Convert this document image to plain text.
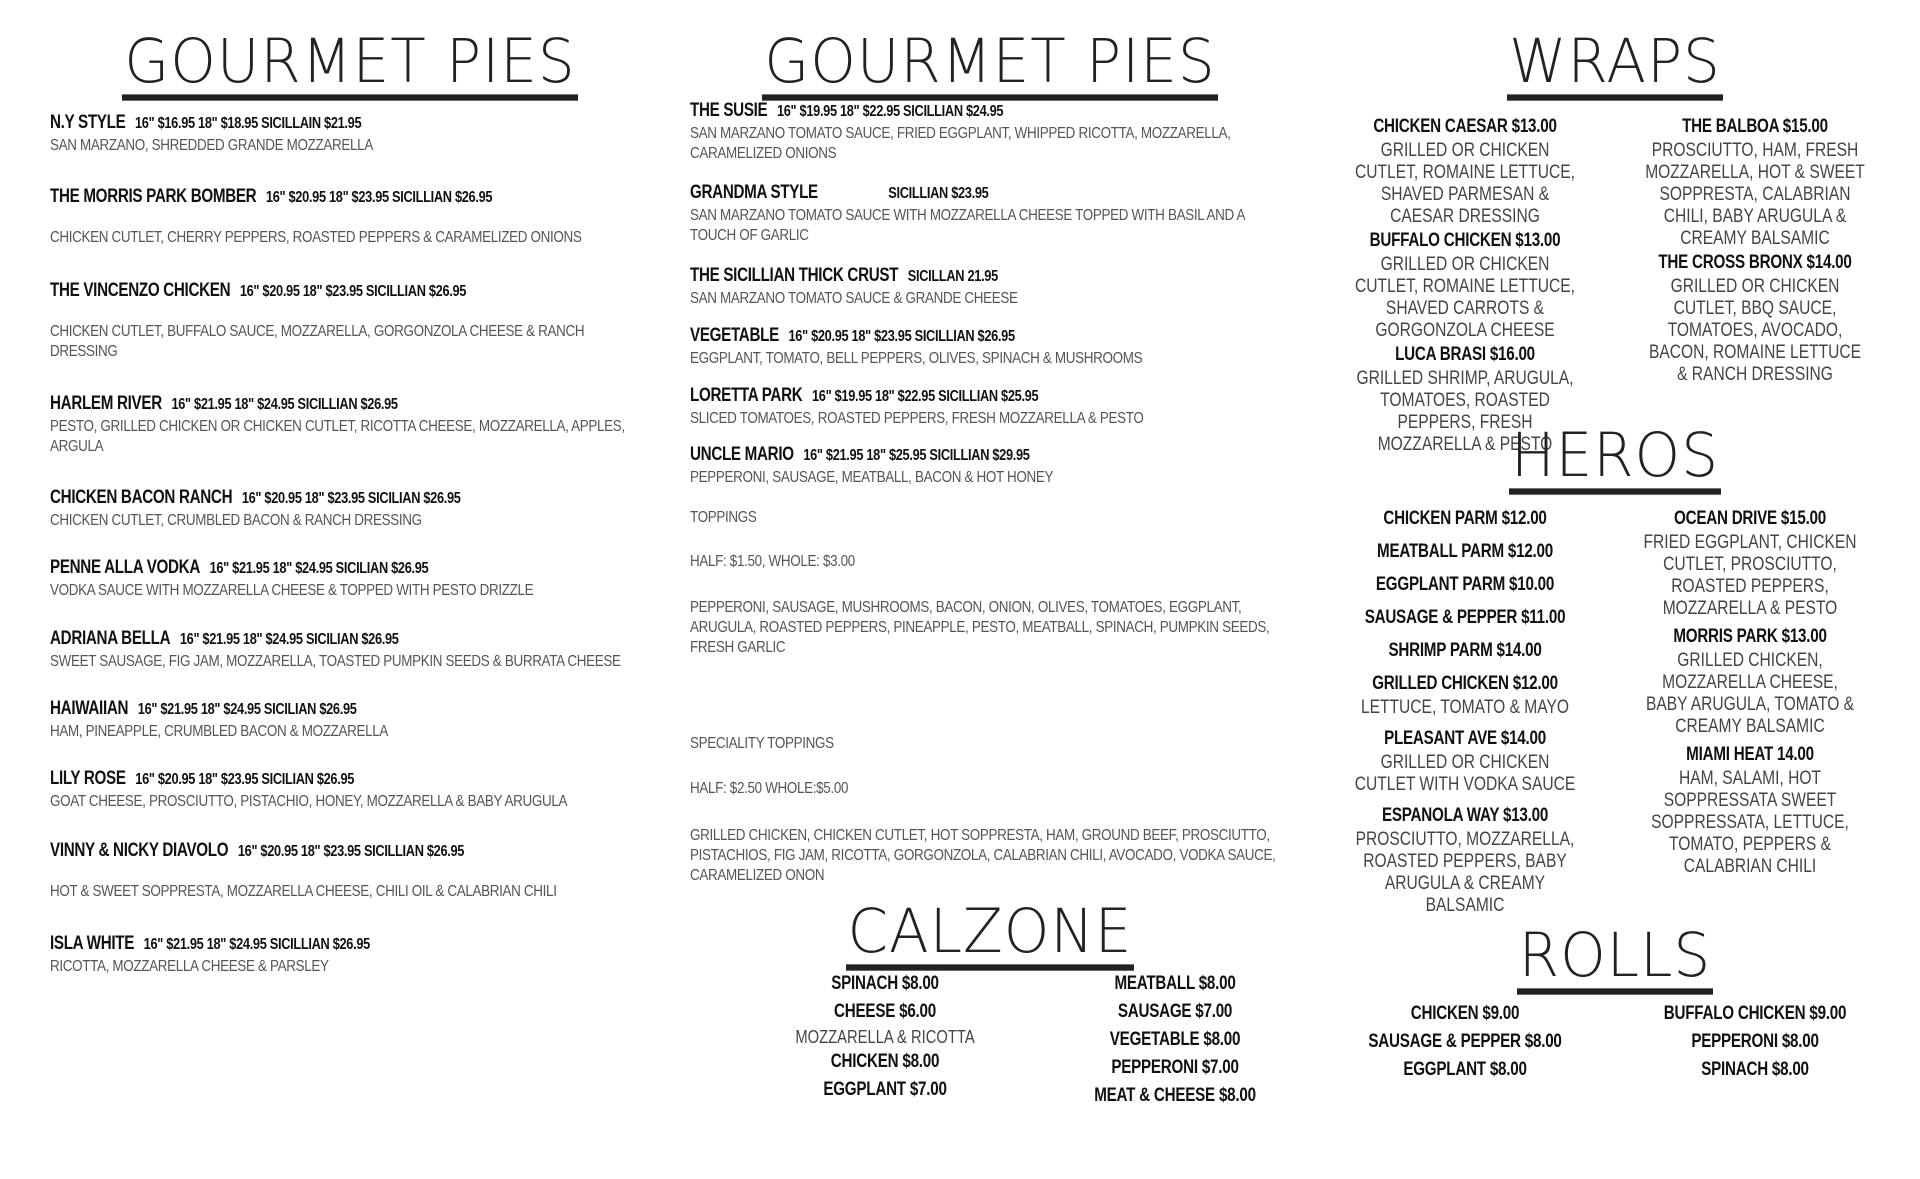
GOURMET PIES
N.Y STYLE 16" $16.95 18" $18.95 SICILLAIN $21.95
SAN MARZANO, SHREDDED GRANDE MOZZARELLA
THE MORRIS PARK BOMBER 16" $20.95 18" $23.95 SICILLIAN $26.95
CHICKEN CUTLET, CHERRY PEPPERS, ROASTED PEPPERS & CARAMELIZED ONIONS
THE VINCENZO CHICKEN 16" $20.95 18" $23.95 SICILLIAN $26.95
CHICKEN CUTLET, BUFFALO SAUCE, MOZZARELLA, GORGONZOLA CHEESE & RANCH DRESSING
HARLEM RIVER 16" $21.95 18" $24.95 SICILLIAN $26.95
PESTO, GRILLED CHICKEN OR CHICKEN CUTLET, RICOTTA CHEESE, MOZZARELLA, APPLES, ARGULA
CHICKEN BACON RANCH 16" $20.95 18" $23.95 SICILIAN $26.95
CHICKEN CUTLET, CRUMBLED BACON & RANCH DRESSING
PENNE ALLA VODKA 16" $21.95 18" $24.95 SICILIAN $26.95
VODKA SAUCE WITH MOZZARELLA CHEESE & TOPPED WITH PESTO DRIZZLE
ADRIANA BELLA 16" $21.95 18" $24.95 SICILIAN $26.95
SWEET SAUSAGE, FIG JAM, MOZZARELLA, TOASTED PUMPKIN SEEDS & BURRATA CHEESE
HAIWAIIAN 16" $21.95 18" $24.95 SICILIAN $26.95
HAM, PINEAPPLE, CRUMBLED BACON & MOZZARELLA
LILY ROSE 16" $20.95 18" $23.95 SICILIAN $26.95
GOAT CHEESE, PROSCIUTTO, PISTACHIO, HONEY, MOZZARELLA & BABY ARUGULA
VINNY & NICKY DIAVOLO 16" $20.95 18" $23.95 SICILLIAN $26.95
HOT & SWEET SOPPRESTA, MOZZARELLA CHEESE, CHILI OIL & CALABRIAN CHILI
ISLA WHITE 16" $21.95 18" $24.95 SICILLIAN $26.95
RICOTTA, MOZZARELLA CHEESE & PARSLEY
GOURMET PIES
THE SUSIE 16" $19.95 18" $22.95 SICILLIAN $24.95
SAN MARZANO TOMATO SAUCE, FRIED EGGPLANT, WHIPPED RICOTTA, MOZZARELLA, CARAMELIZED ONIONS
GRANDMA STYLE	SICILLIAN $23.95
SAN MARZANO TOMATO SAUCE WITH MOZZARELLA CHEESE TOPPED WITH BASIL AND A TOUCH OF GARLIC
THE SICILLIAN THICK CRUST SICILLAN 21.95
SAN MARZANO TOMATO SAUCE & GRANDE CHEESE
VEGETABLE 16" $20.95 18" $23.95 SICILLIAN $26.95
EGGPLANT, TOMATO, BELL PEPPERS, OLIVES, SPINACH & MUSHROOMS
LORETTA PARK 16" $19.95 18" $22.95 SICILLIAN $25.95
SLICED TOMATOES, ROASTED PEPPERS, FRESH MOZZARELLA & PESTO
UNCLE MARIO 16" $21.95 18" $25.95 SICILLIAN $29.95
PEPPERONI, SAUSAGE, MEATBALL, BACON & HOT HONEY
TOPPINGS
HALF: $1.50, WHOLE: $3.00
PEPPERONI, SAUSAGE, MUSHROOMS, BACON, ONION, OLIVES, TOMATOES, EGGPLANT, ARUGULA, ROASTED PEPPERS, PINEAPPLE, PESTO, MEATBALL, SPINACH, PUMPKIN SEEDS, FRESH GARLIC
SPECIALITY TOPPINGS
HALF: $2.50 WHOLE:$5.00
GRILLED CHICKEN, CHICKEN CUTLET, HOT SOPPRESTA, HAM, GROUND BEEF, PROSCIUTTO, PISTACHIOS, FIG JAM, RICOTTA, GORGONZOLA, CALABRIAN CHILI, AVOCADO, VODKA SAUCE, CARAMELIZED ONON
CALZONE
SPINACH $8.00
CHEESE $6.00
MOZZARELLA & RICOTTA
CHICKEN $8.00
EGGPLANT $7.00
MEATBALL $8.00
SAUSAGE $7.00
VEGETABLE $8.00
PEPPERONI $7.00
MEAT & CHEESE $8.00
WRAPS
CHICKEN CAESAR $13.00
GRILLED OR CHICKEN CUTLET, ROMAINE LETTUCE, SHAVED PARMESAN & CAESAR DRESSING
BUFFALO CHICKEN $13.00
GRILLED OR CHICKEN CUTLET, ROMAINE LETTUCE, SHAVED CARROTS & GORGONZOLA CHEESE
LUCA BRASI $16.00
GRILLED SHRIMP, ARUGULA, TOMATOES, ROASTED PEPPERS, FRESH MOZZARELLA & PESTO
THE BALBOA $15.00
PROSCIUTTO, HAM, FRESH MOZZARELLA, HOT & SWEET SOPPRESTA, CALABRIAN CHILI, BABY ARUGULA & CREAMY BALSAMIC
THE CROSS BRONX $14.00
GRILLED OR CHICKEN CUTLET, BBQ SAUCE, TOMATOES, AVOCADO, BACON, ROMAINE LETTUCE & RANCH DRESSING
HEROS
CHICKEN PARM $12.00
MEATBALL PARM $12.00
EGGPLANT PARM $10.00
SAUSAGE & PEPPER $11.00
SHRIMP PARM $14.00
GRILLED CHICKEN $12.00
LETTUCE, TOMATO & MAYO
PLEASANT AVE $14.00
GRILLED OR CHICKEN CUTLET WITH VODKA SAUCE
ESPANOLA WAY $13.00
PROSCIUTTO, MOZZARELLA, ROASTED PEPPERS, BABY ARUGULA & CREAMY BALSAMIC
OCEAN DRIVE $15.00
FRIED EGGPLANT, CHICKEN CUTLET, PROSCIUTTO, ROASTED PEPPERS, MOZZARELLA & PESTO
MORRIS PARK $13.00
GRILLED CHICKEN, MOZZARELLA CHEESE, BABY ARUGULA, TOMATO & CREAMY BALSAMIC
MIAMI HEAT 14.00
HAM, SALAMI, HOT SOPPRESSATA SWEET SOPPRESSATA, LETTUCE, TOMATO, PEPPERS & CALABRIAN CHILI
ROLLS
CHICKEN $9.00
SAUSAGE & PEPPER $8.00
EGGPLANT $8.00
BUFFALO CHICKEN $9.00
PEPPERONI $8.00
SPINACH $8.00
